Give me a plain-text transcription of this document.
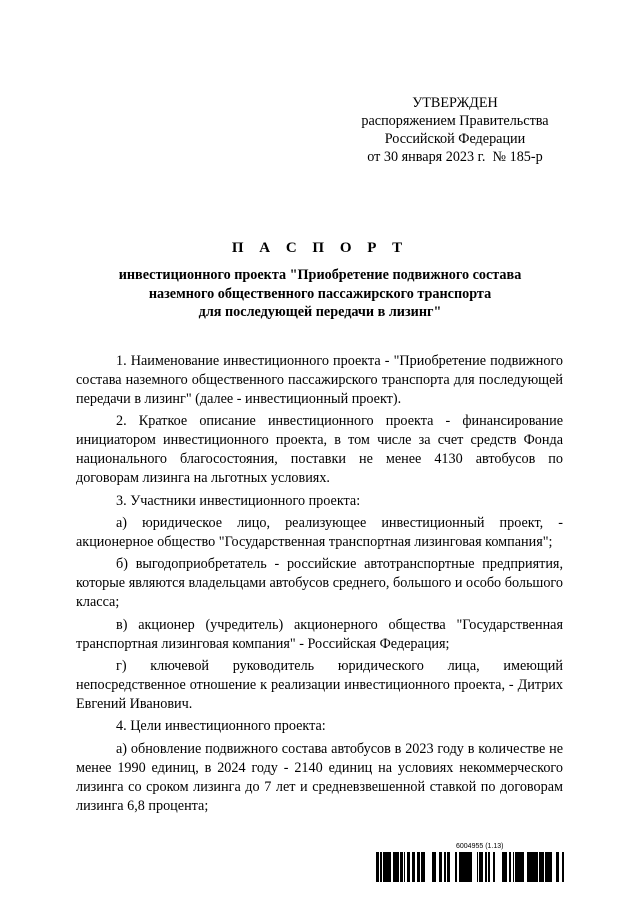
УТВЕРЖДЕН
распоряжением Правительства
Российской Федерации
от 30 января 2023 г.  № 185-р
П А С П О Р Т
инвестиционного проекта "Приобретение подвижного состава
наземного общественного пассажирского транспорта
для последующей передачи в лизинг"

1. Наименование инвестиционного проекта - "Приобретение подвижного состава наземного общественного пассажирского транспорта для последующей передачи в лизинг" (далее - инвестиционный проект).

2. Краткое описание инвестиционного проекта - финансирование инициатором инвестиционного проекта, в том числе за счет средств Фонда национального благосостояния, поставки не менее 4130 автобусов по договорам лизинга на льготных условиях.

3. Участники инвестиционного проекта:

а) юридическое лицо, реализующее инвестиционный проект, - акционерное общество "Государственная транспортная лизинговая компания";

б) выгодоприобретатель - российские автотранспортные предприятия, которые являются владельцами автобусов среднего, большого и особо большого класса;

в) акционер (учредитель) акционерного общества "Государственная транспортная лизинговая компания" - Российская Федерация;

г) ключевой руководитель юридического лица, имеющий непосредственное отношение к реализации инвестиционного проекта, - Дитрих Евгений Иванович.

4. Цели инвестиционного проекта:

а) обновление подвижного состава автобусов в 2023 году в количестве не менее 1990 единиц, в 2024 году - 2140 единиц на условиях некоммерческого лизинга со сроком лизинга до 7 лет и средневзвешенной ставкой по договорам лизинга 6,8 процента;

6004955 (1.13)
